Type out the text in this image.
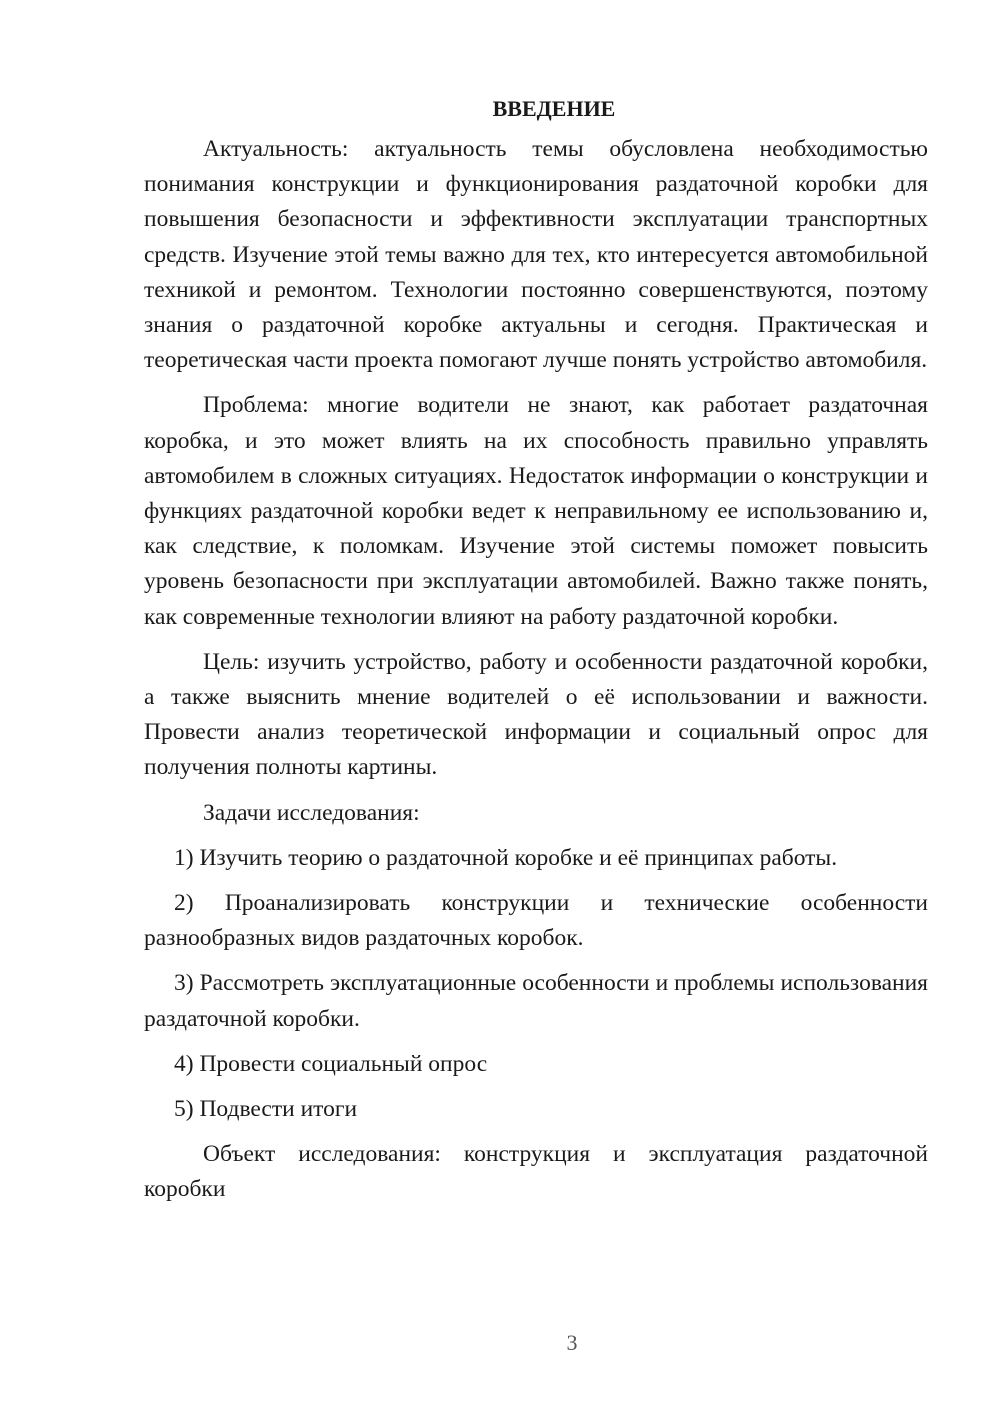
ВВЕДЕНИЕ

Актуальность: актуальность темы обусловлена необходимостью понимания конструкции и функционирования раздаточной коробки для повышения безопасности и эффективности эксплуатации транспортных средств. Изучение этой темы важно для тех, кто интересуется автомобильной техникой и ремонтом. Технологии постоянно совершенствуются, поэтому знания о раздаточной коробке актуальны и сегодня. Практическая и теоретическая части проекта помогают лучше понять устройство автомобиля.

Проблема: многие водители не знают, как работает раздаточная коробка, и это может влиять на их способность правильно управлять автомобилем в сложных ситуациях. Недостаток информации о конструкции и функциях раздаточной коробки ведет к неправильному ее использованию и, как следствие, к поломкам. Изучение этой системы поможет повысить уровень безопасности при эксплуатации автомобилей. Важно также понять, как современные технологии влияют на работу раздаточной коробки.

Цель: изучить устройство, работу и особенности раздаточной коробки, а также выяснить мнение водителей о её использовании и важности. Провести анализ теоретической информации и социальный опрос для получения полноты картины.

Задачи исследования:

1) Изучить теорию о раздаточной коробке и её принципах работы.

2) Проанализировать конструкции и технические особенности разнообразных видов раздаточных коробок.

3) Рассмотреть эксплуатационные особенности и проблемы использования раздаточной коробки.

4) Провести социальный опрос

5) Подвести итоги

Объект исследования: конструкция и эксплуатация раздаточной коробки

3
